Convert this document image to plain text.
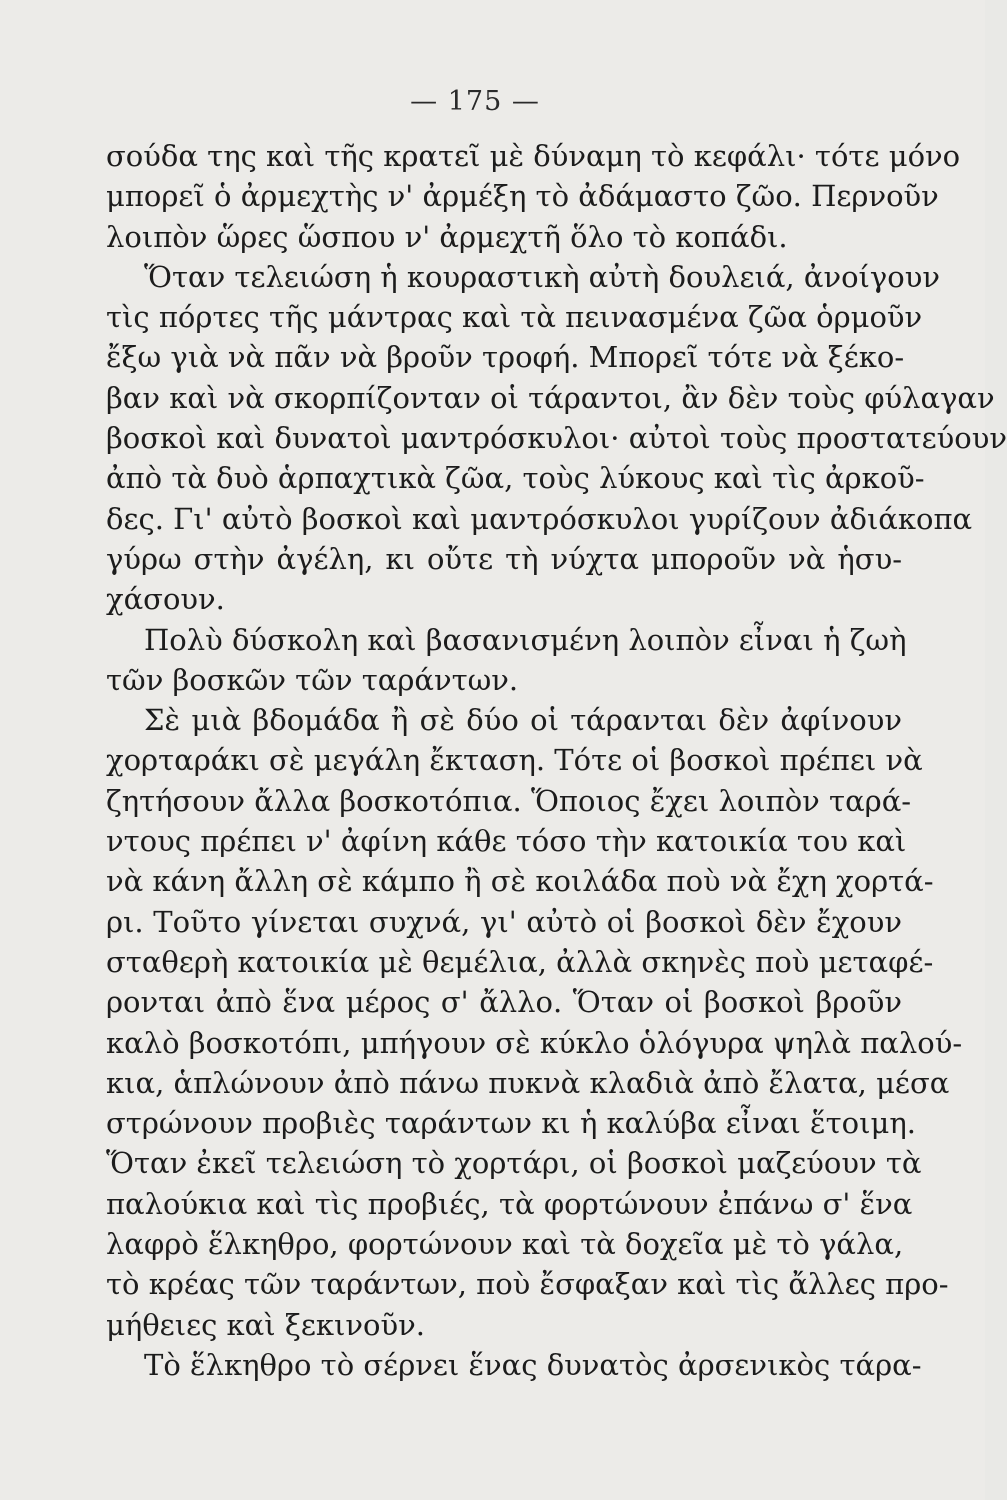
— 175 —
σούδα της καὶ τῆς κρατεῖ μὲ δύναμη τὸ κεφάλι· τότε μόνο
μπορεῖ ὁ ἀρμεχτὴς ν' ἀρμέξη τὸ ἀδάμαστο ζῶο. Περνοῦν
λοιπὸν ὥρες ὥσπου ν' ἀρμεχτῆ ὅλο τὸ κοπάδι.
Ὅταν τελειώση ἡ κουραστικὴ αὐτὴ δουλειά, ἀνοίγουν
τὶς πόρτες τῆς μάντρας καὶ τὰ πεινασμένα ζῶα ὁρμοῦν
ἔξω γιὰ νὰ πᾶν νὰ βροῦν τροφή. Μπορεῖ τότε νὰ ξέκο-
βαν καὶ νὰ σκορπίζονταν οἱ τάραντοι, ἂν δὲν τοὺς φύλαγαν
βοσκοὶ καὶ δυνατοὶ μαντρόσκυλοι· αὐτοὶ τοὺς προστατεύουν
ἀπὸ τὰ δυὸ ἁρπαχτικὰ ζῶα, τοὺς λύκους καὶ τὶς ἀρκοῦ-
δες. Γι' αὐτὸ βοσκοὶ καὶ μαντρόσκυλοι γυρίζουν ἀδιάκοπα
γύρω στὴν ἀγέλη, κι οὔτε τὴ νύχτα μποροῦν νὰ ἡσυ-
χάσουν.
Πολὺ δύσκολη καὶ βασανισμένη λοιπὸν εἶναι ἡ ζωὴ
τῶν βοσκῶν τῶν ταράντων.
Σὲ μιὰ βδομάδα ἢ σὲ δύο οἱ τάρανται δὲν ἀφίνουν
χορταράκι σὲ μεγάλη ἔκταση. Τότε οἱ βοσκοὶ πρέπει νὰ
ζητήσουν ἄλλα βοσκοτόπια. Ὅποιος ἔχει λοιπὸν ταρά-
ντους πρέπει ν' ἀφίνη κάθε τόσο τὴν κατοικία του καὶ
νὰ κάνη ἄλλη σὲ κάμπο ἢ σὲ κοιλάδα ποὺ νὰ ἔχη χορτά-
ρι. Τοῦτο γίνεται συχνά, γι' αὐτὸ οἱ βοσκοὶ δὲν ἔχουν
σταθερὴ κατοικία μὲ θεμέλια, ἀλλὰ σκηνὲς ποὺ μεταφέ-
ρονται ἀπὸ ἕνα μέρος σ' ἄλλο. Ὅταν οἱ βοσκοὶ βροῦν
καλὸ βοσκοτόπι, μπήγουν σὲ κύκλο ὁλόγυρα ψηλὰ παλού-
κια, ἁπλώνουν ἀπὸ πάνω πυκνὰ κλαδιὰ ἀπὸ ἔλατα, μέσα
στρώνουν προβιὲς ταράντων κι ἡ καλύβα εἶναι ἕτοιμη.
Ὅταν ἐκεῖ τελειώση τὸ χορτάρι, οἱ βοσκοὶ μαζεύουν τὰ
παλούκια καὶ τὶς προβιές, τὰ φορτώνουν ἐπάνω σ' ἕνα
λαφρὸ ἕλκηθρο, φορτώνουν καὶ τὰ δοχεῖα μὲ τὸ γάλα,
τὸ κρέας τῶν ταράντων, ποὺ ἔσφαξαν καὶ τὶς ἄλλες προ-
μήθειες καὶ ξεκινοῦν.
Τὸ ἕλκηθρο τὸ σέρνει ἕνας δυνατὸς ἀρσενικὸς τάρα-
